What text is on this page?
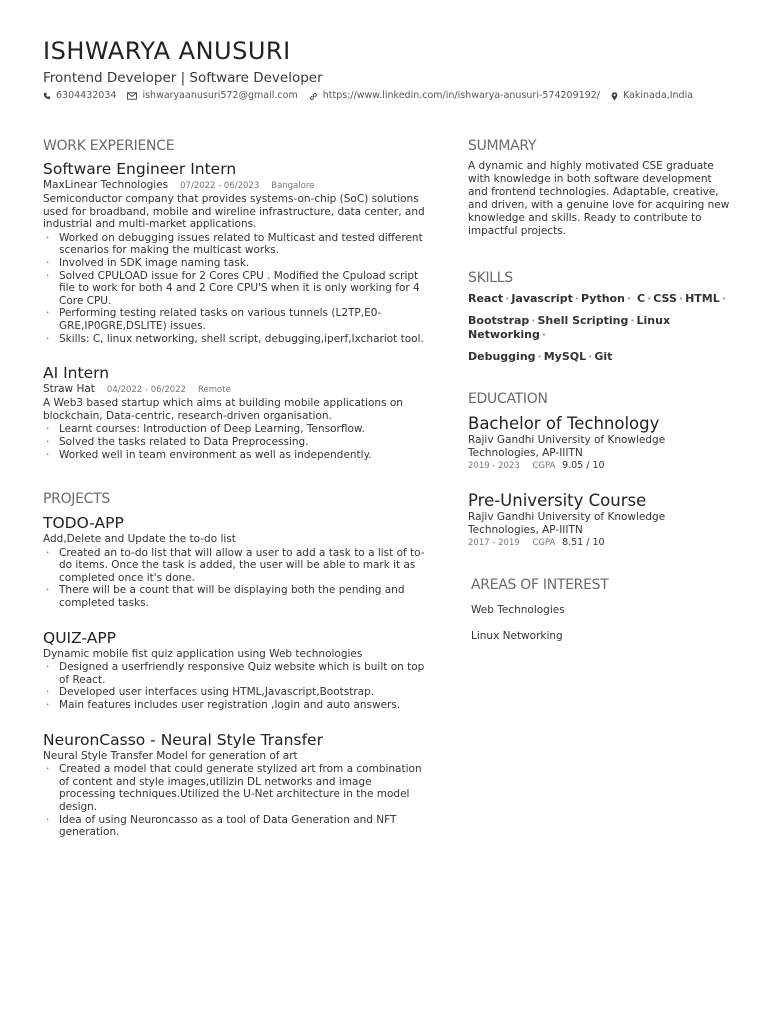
ISHWARYA ANUSURI
Frontend Developer | Software Developer
6304432034	ishwaryaanusuri572@gmail.com	https://www.linkedin.com/in/ishwarya-anusuri-574209192/ Kakinada,India
WORK EXPERIENCE
Software Engineer Intern
MaxLinear Technologies 07/2022 - 06/2023 Bangalore

Semiconductor company that provides systems-on-chip (SoC) solutions used for broadband, mobile and wireline infrastructure, data center, and industrial and multi-market applications.

· Worked on debugging issues related to Multicast and tested different scenarios for making the multicast works.
· Involved in SDK image naming task.
· Solved CPULOAD issue for 2 Cores CPU . Modified the Cpuload script file to work for both 4 and 2 Core CPU'S when it is only working for 4 Core CPU.
· Performing testing related tasks on various tunnels (L2TP,E0-GRE,IP0GRE,DSLITE) issues.
· Skills: C, linux networking, shell script, debugging,iperf,Ixchariot tool.
AI Intern
Straw Hat 04/2022 - 06/2022 Remote

A Web3 based startup which aims at building mobile applications on blockchain, Data-centric, research-driven organisation.

· Learnt courses: Introduction of Deep Learning, Tensorflow.
· Solved the tasks related to Data Preprocessing.
· Worked well in team environment as well as independently.
PROJECTS
TODO-APP

Add,Delete and Update the to-do list

· Created an to-do list that will allow a user to add a task to a list of to-do items. Once the task is added, the user will be able to mark it as completed once it's done.
· There will be a count that will be displaying both the pending and completed tasks.
QUIZ-APP

Dynamic mobile fist quiz application using Web technologies

· Designed a userfriendly responsive Quiz website which is built on top of React.
· Developed user interfaces using HTML,Javascript,Bootstrap.
· Main features includes user registration ,login and auto answers.
NeuronCasso - Neural Style Transfer

Neural Style Transfer Model for generation of art

· Created a model that could generate stylized art from a combination of content and style images,utilizin DL networks and image processing techniques.Utilized the U-Net architecture in the model design.
· Idea of using Neuroncasso as a tool of Data Generation and NFT generation.
SUMMARY

A dynamic and highly motivated CSE graduate with knowledge in both software development and frontend technologies. Adaptable, creative, and driven, with a genuine love for acquiring new knowledge and skills. Ready to contribute to impactful projects.

SKILLS

React · Javascript · Python · C · CSS · HTML ·

Bootstrap · Shell Scripting · Linux Networking ·

Debugging · MySQL · Git

EDUCATION
Bachelor of Technology

Rajiv Gandhi University of Knowledge Technologies, AP-IIITN

2019 - 2023 CGPA 9.05 / 10
Pre-University Course

Rajiv Gandhi University of Knowledge Technologies, AP-IIITN

2017 - 2019 CGPA 8.51 / 10
AREAS OF INTEREST

Web Technologies

Linux Networking
